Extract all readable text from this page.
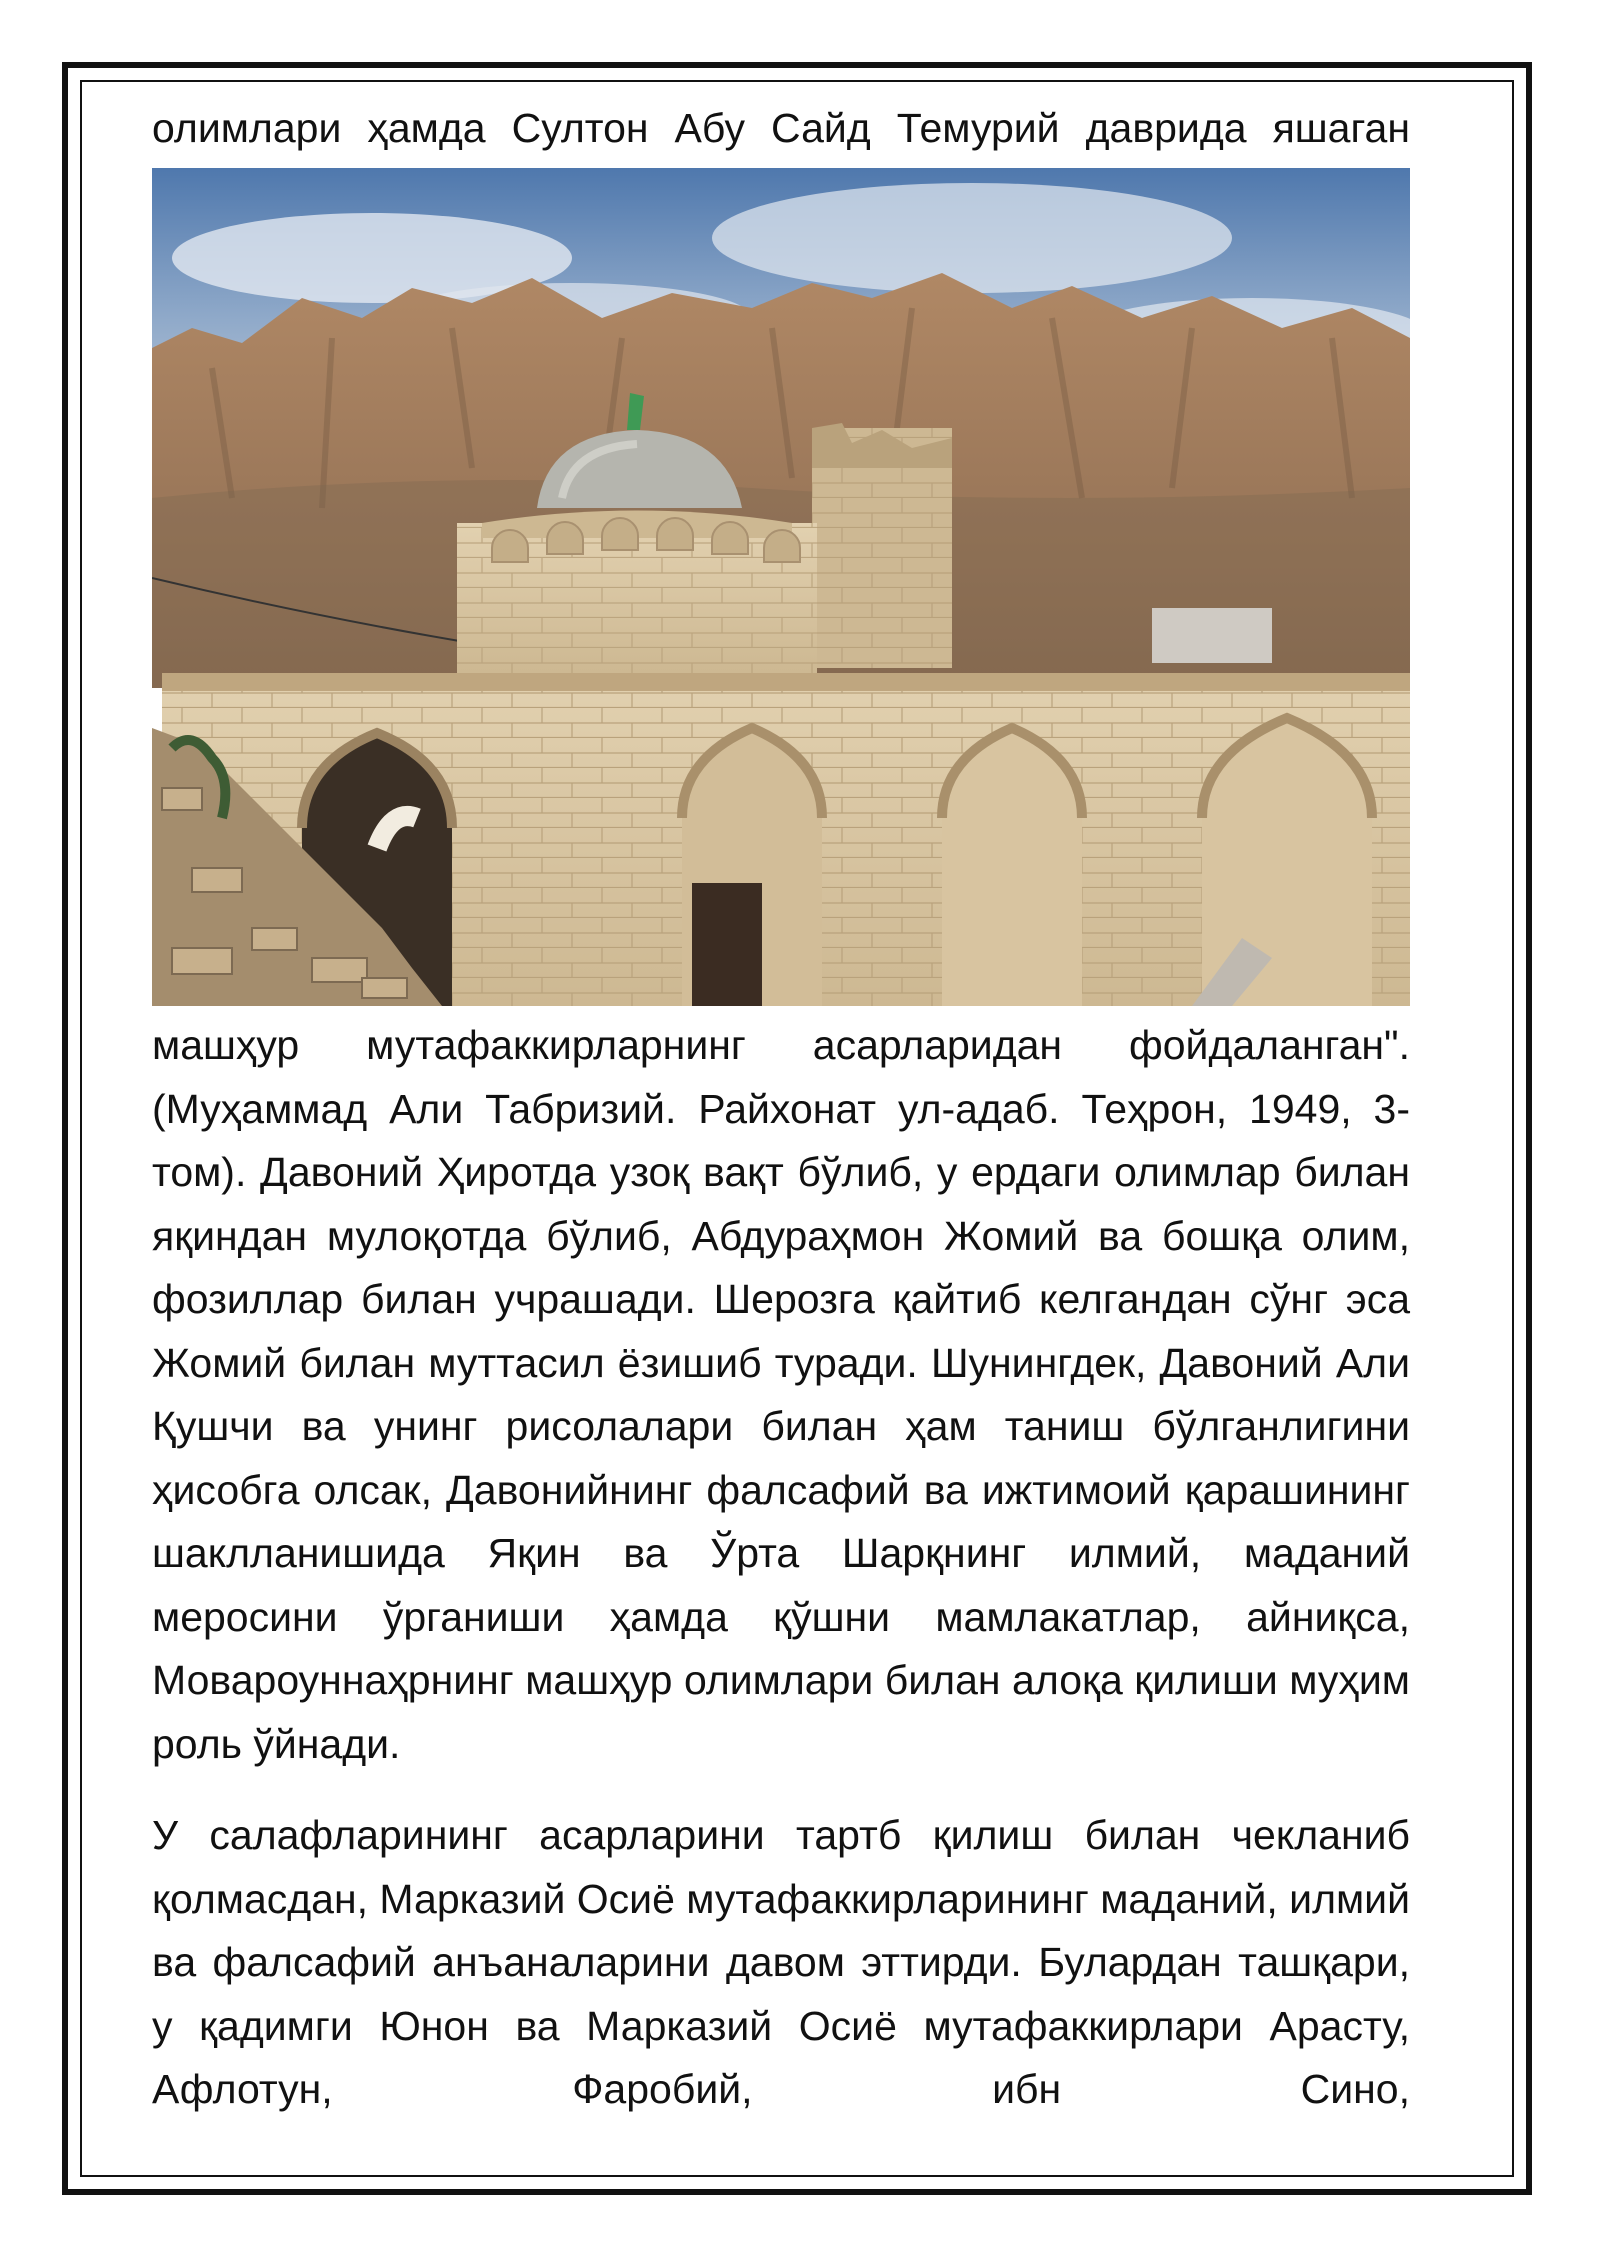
олимлари ҳамда Султон Абу Сайд Темурий даврида яшаган

машҳур мутафаккирларнинг асарларидан фойдаланган". (Муҳаммад Али Табризий. Райхонат ул-адаб. Теҳрон, 1949, 3-том). Давоний Ҳиротда узоқ вақт бўлиб, у ердаги олимлар билан яқиндан мулоқотда бўлиб, Абдураҳмон Жомий ва бошқа олим, фозиллар билан учрашади. Шерозга қайтиб келгандан сўнг эса Жомий билан муттасил ёзишиб туради. Шунингдек, Давоний Али Қушчи ва унинг рисолалари билан ҳам таниш бўлганлигини ҳисобга олсак, Давонийнинг фалсафий ва ижтимоий қарашининг шаклланишида Яқин ва Ўрта Шарқнинг илмий, маданий меросини ўрганиши ҳамда қўшни мамлакатлар, айниқса, Мовароуннаҳрнинг машҳур олимлари билан алоқа қилиши муҳим роль ўйнади.

У салафларининг асарларини тартб қилиш билан чекланиб қолмасдан, Марказий Осиё мутафаккирларининг маданий, илмий ва фалсафий анъаналарини давом эттирди. Булардан ташқари, у қадимги Юнон ва Марказий Осиё мутафаккирлари Арасту, Афлотун, Фаробий, ибн Сино,
